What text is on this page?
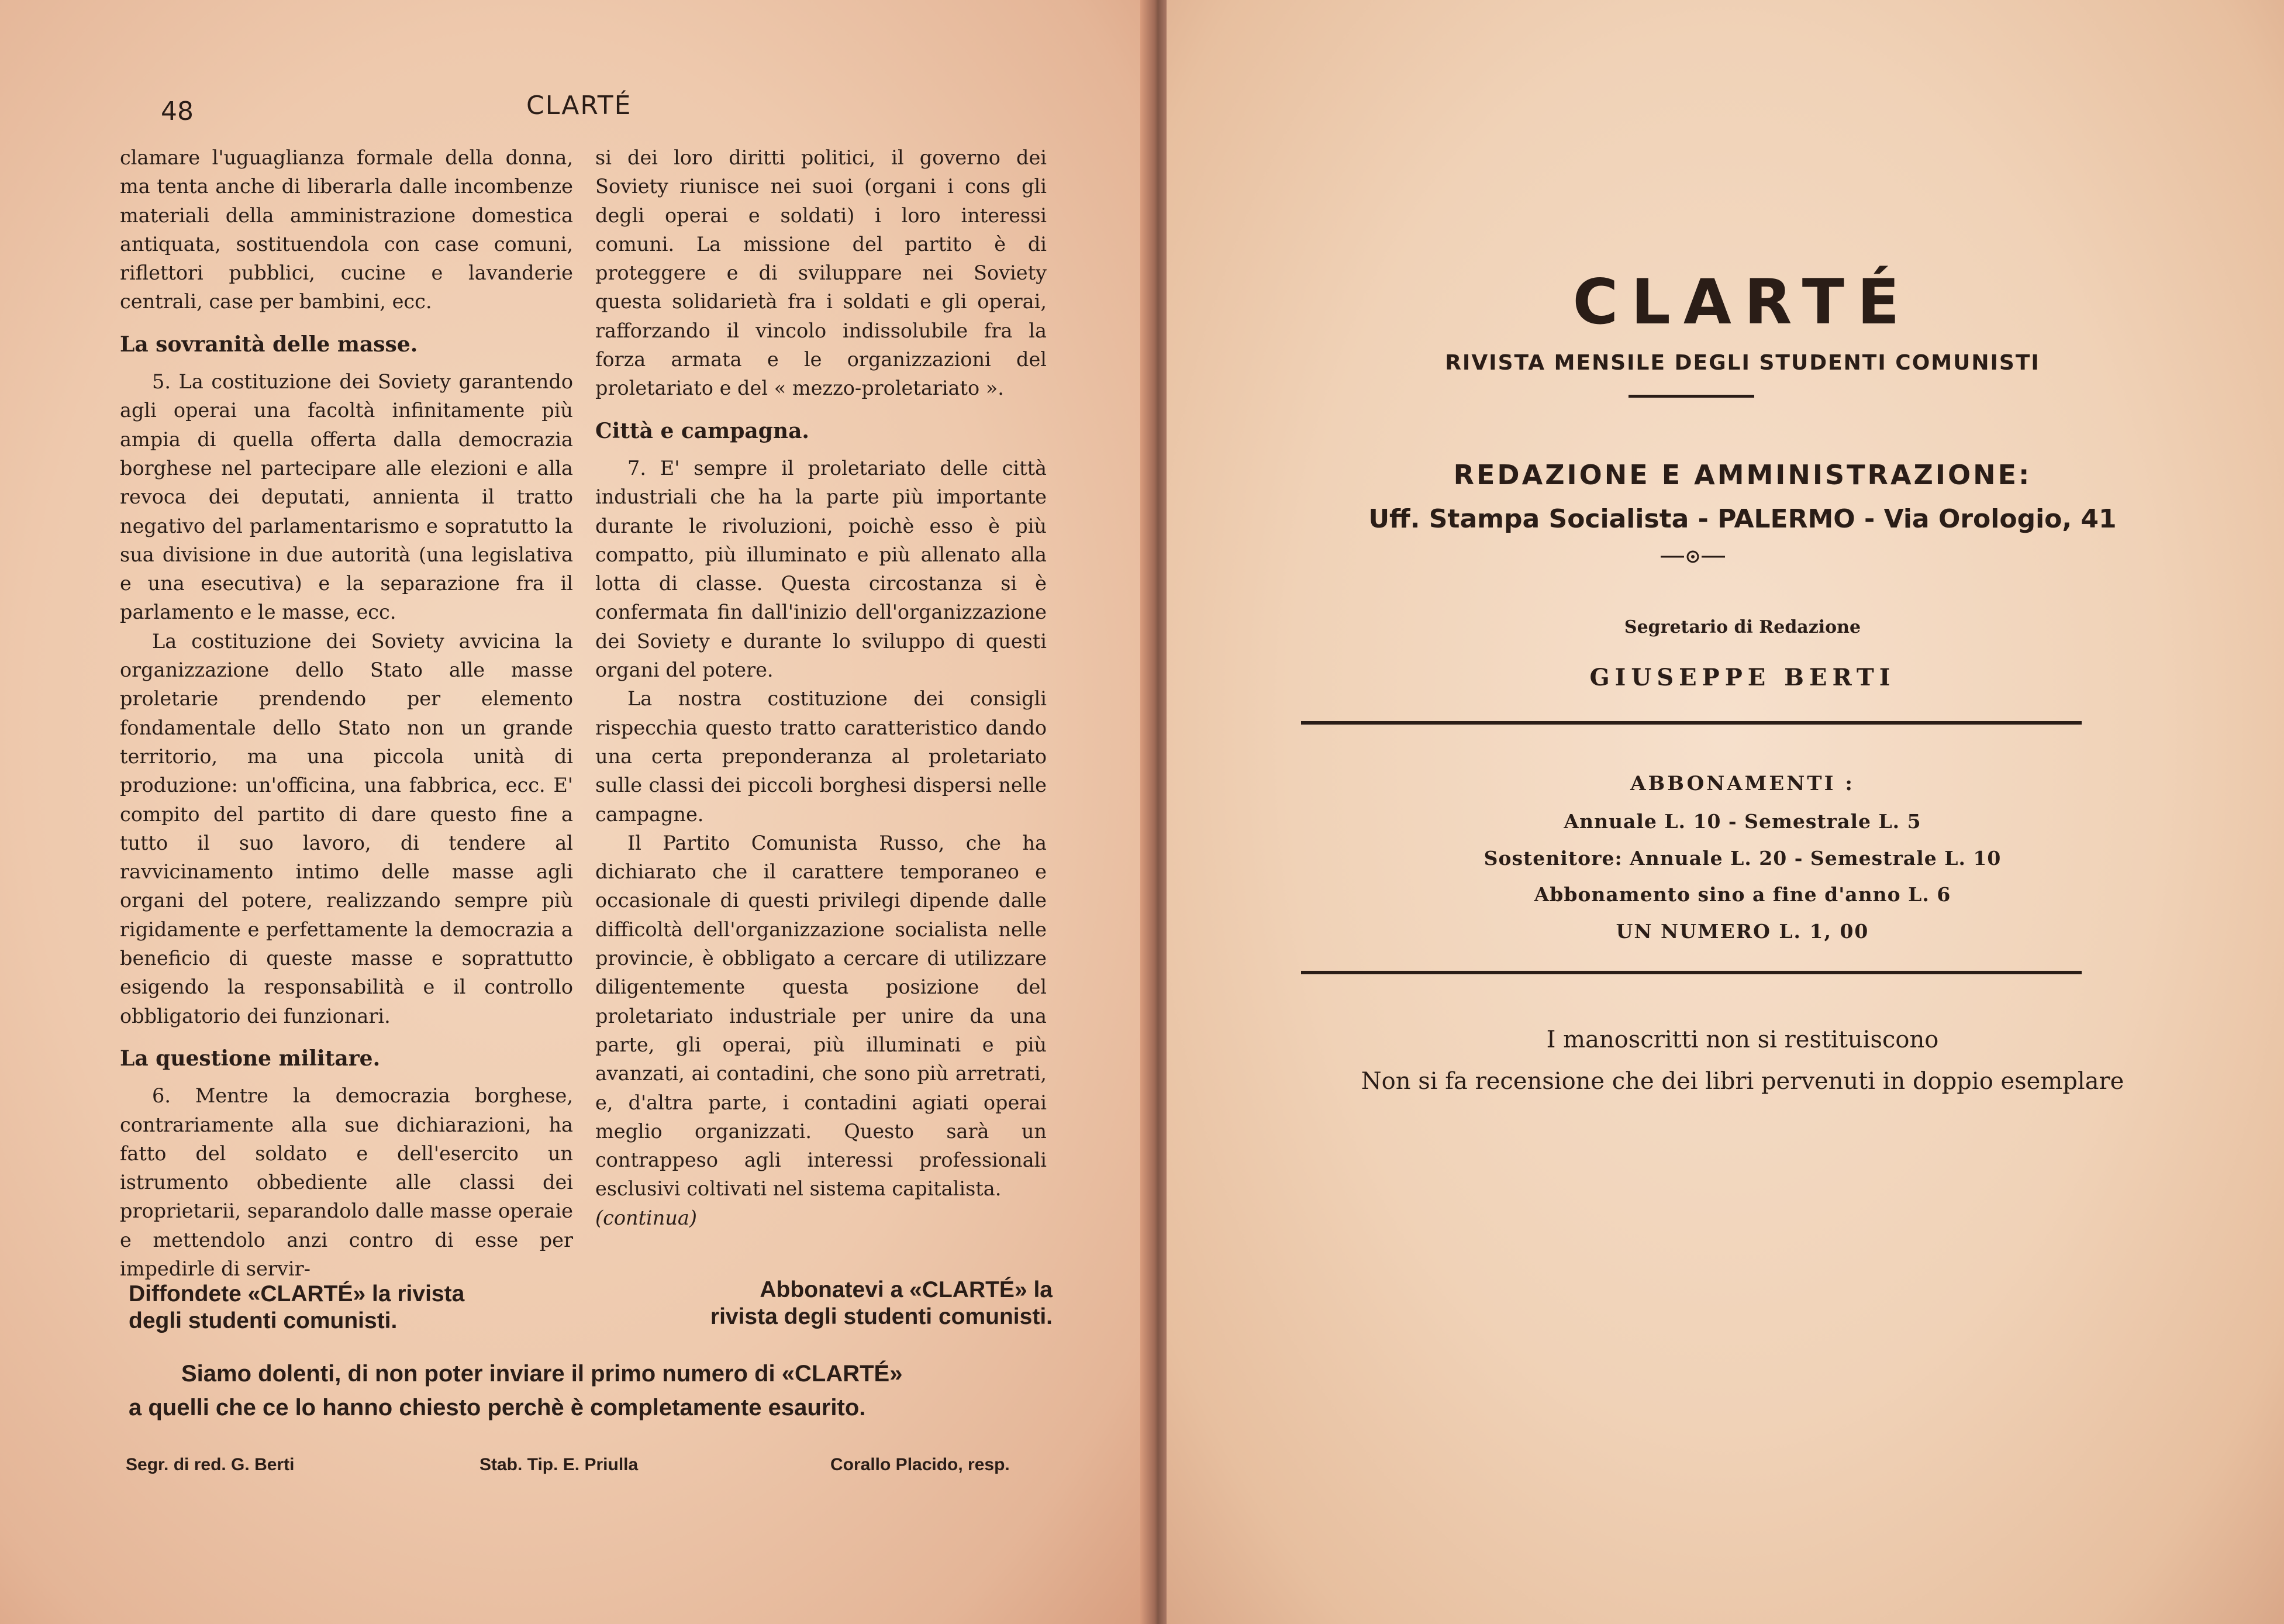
48	CLARTÉ

clamare l'uguaglianza formale della donna, ma tenta anche di liberarla dalle incombenze materiali della amministrazione domestica antiquata, sostituendola con case comuni, riflettori pubblici, cucine e lavanderie centrali, case per bambini, ecc.

La sovranità delle masse.

5. La costituzione dei Soviety garantendo agli operai una facoltà infinitamente più ampia di quella offerta dalla democrazia borghese nel partecipare alle elezioni e alla revoca dei deputati, annienta il tratto negativo del parlamentarismo e sopratutto la sua divisione in due autorità (una legislativa e una esecutiva) e la separazione fra il parlamento e le masse, ecc.

La costituzione dei Soviety avvicina la organizzazione dello Stato alle masse proletarie prendendo per elemento fondamentale dello Stato non un grande territorio, ma una piccola unità di produzione: un'officina, una fabbrica, ecc. E' compito del partito di dare questo fine a tutto il suo lavoro, di tendere al ravvicinamento intimo delle masse agli organi del potere, realizzando sempre più rigidamente e perfettamente la democrazia a beneficio di queste masse e soprattutto esigendo la responsabilità e il controllo obbligatorio dei funzionari.

La questione militare.

6. Mentre la democrazia borghese, contrariamente alla sue dichiarazioni, ha fatto del soldato e dell'esercito un istrumento obbediente alle classi dei proprietarii, separandolo dalle masse operaie e mettendolo anzi contro di esse per impedirle di servir-

si dei loro diritti politici, il governo dei Soviety riunisce nei suoi (organi i cons gli degli operai e soldati) i loro interessi comuni. La missione del partito è di proteggere e di sviluppare nei Soviety questa solidarietà fra i soldati e gli operai, rafforzando il vincolo indissolubile fra la forza armata e le organizzazioni del proletariato e del « mezzo-proletariato ».

Città e campagna.

7. E' sempre il proletariato delle città industriali che ha la parte più importante durante le rivoluzioni, poichè esso è più compatto, più illuminato e più allenato alla lotta di classe. Questa circostanza si è confermata fin dall'inizio dell'organizzazione dei Soviety e durante lo sviluppo di questi organi del potere.

La nostra costituzione dei consigli rispecchia questo tratto caratteristico dando una certa preponderanza al proletariato sulle classi dei piccoli borghesi dispersi nelle campagne.

Il Partito Comunista Russo, che ha dichiarato che il carattere temporaneo e occasionale di questi privilegi dipende dalle difficoltà dell'organizzazione socialista nelle provincie, è obbligato a cercare di utilizzare diligentemente questa posizione del proletariato industriale per unire da una parte, gli operai, più illuminati e più avanzati, ai contadini, che sono più arretrati, e, d'altra parte, i contadini agiati operai meglio organizzati. Questo sarà un contrappeso agli interessi professionali esclusivi coltivati nel sistema capitalista.

(continua)

Diffondete «CLARTÉ» la rivista
degli studenti comunisti.
Abbonatevi a «CLARTÉ» la
rivista degli studenti comunisti.
Siamo dolenti, di non poter inviare il primo numero di «CLARTÉ»
a quelli che ce lo hanno chiesto perchè è completamente esaurito.
Segr. di red. G. Berti	Stab. Tip. E. Priulla	Corallo Placido, resp.
CLARTÉ
RIVISTA MENSILE DEGLI STUDENTI COMUNISTI
REDAZIONE E AMMINISTRAZIONE:
Uff. Stampa Socialista - PALERMO - Via Orologio, 41
Segretario di Redazione
GIUSEPPE BERTI
ABBONAMENTI :
Annuale L. 10 - Semestrale L. 5
Sostenitore: Annuale L. 20 - Semestrale L. 10
Abbonamento sino a fine d'anno L. 6
UN NUMERO L. 1, 00
I manoscritti non si restituiscono
Non si fa recensione che dei libri pervenuti in doppio esemplare
